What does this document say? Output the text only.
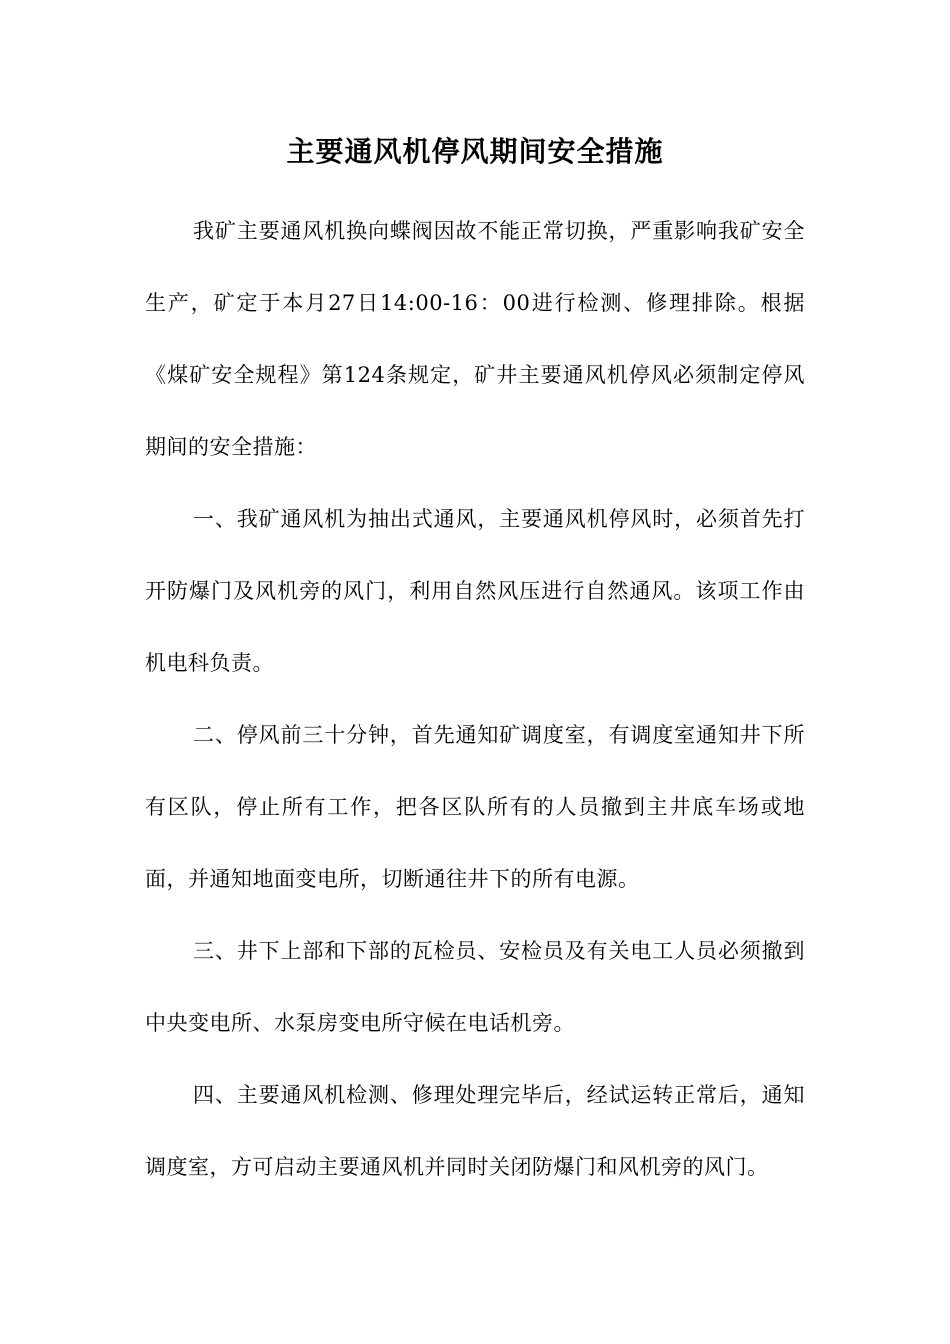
主要通风机停风期间安全措施

我矿主要通风机换向蝶阀因故不能正常切换，严重影响我矿安全生产，矿定于本月27日14:00-16：00进行检测、修理排除。根据《煤矿安全规程》第124条规定，矿井主要通风机停风必须制定停风期间的安全措施：

一、我矿通风机为抽出式通风，主要通风机停风时，必须首先打开防爆门及风机旁的风门，利用自然风压进行自然通风。该项工作由机电科负责。

二、停风前三十分钟，首先通知矿调度室，有调度室通知井下所有区队，停止所有工作，把各区队所有的人员撤到主井底车场或地面，并通知地面变电所，切断通往井下的所有电源。

三、井下上部和下部的瓦检员、安检员及有关电工人员必须撤到中央变电所、水泵房变电所守候在电话机旁。

四、主要通风机检测、修理处理完毕后，经试运转正常后，通知调度室，方可启动主要通风机并同时关闭防爆门和风机旁的风门。
